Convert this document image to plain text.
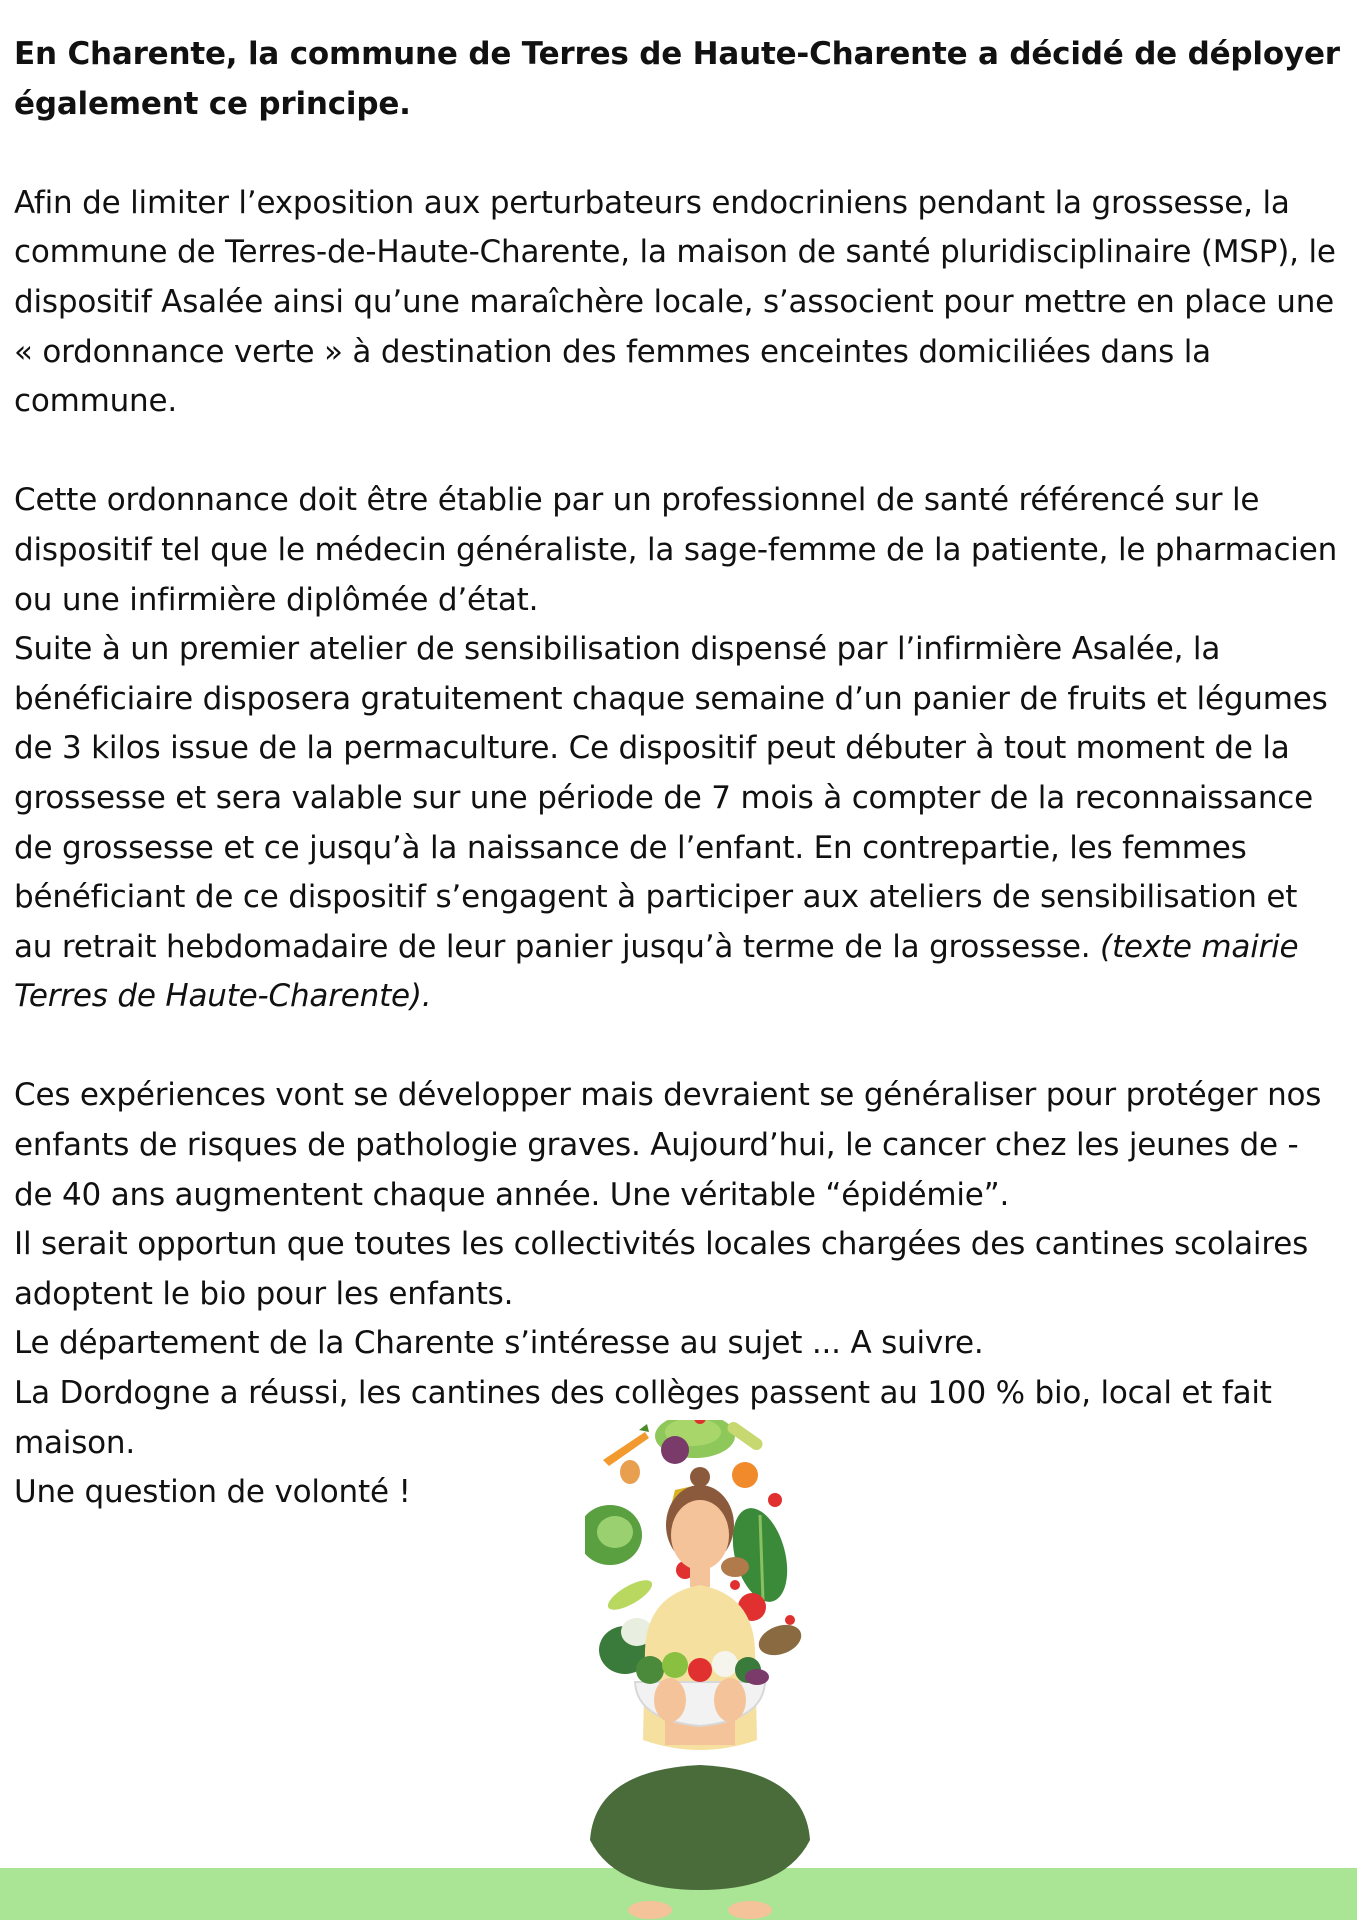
En Charente, la commune de Terres de Haute-Charente a décidé de déployer également ce principe.

Afin de limiter l’exposition aux perturbateurs endocriniens pendant la grossesse, la commune de Terres-de-Haute-Charente, la maison de santé pluridisciplinaire (MSP), le dispositif Asalée ainsi qu’une maraîchère locale, s’associent pour mettre en place une « ordonnance verte » à destination des femmes enceintes domiciliées dans la commune.

Cette ordonnance doit être établie par un professionnel de santé référencé sur le dispositif tel que le médecin généraliste, la sage-femme de la patiente, le pharmacien ou une infirmière diplômée d’état.

Suite à un premier atelier de sensibilisation dispensé par l’infirmière Asalée, la bénéficiaire disposera gratuitement chaque semaine d’un panier de fruits et légumes de 3 kilos issue de la permaculture. Ce dispositif peut débuter à tout moment de la grossesse et sera valable sur une période de 7 mois à compter de la reconnaissance de grossesse et ce jusqu’à la naissance de l’enfant. En contrepartie, les femmes bénéficiant de ce dispositif s’engagent à participer aux ateliers de sensibilisation et au retrait hebdomadaire de leur panier jusqu’à terme de la grossesse. (texte mairie Terres de Haute-Charente).

Ces expériences vont se développer mais devraient se généraliser pour protéger nos enfants de risques de pathologie graves. Aujourd’hui, le cancer chez les jeunes de - de 40 ans augmentent chaque année. Une véritable “épidémie”.

Il serait opportun que toutes les collectivités locales chargées des cantines scolaires adoptent le bio pour les enfants.

Le département de la Charente s’intéresse au sujet ... A suivre.

La Dordogne a réussi, les cantines des collèges passent au 100 % bio, local et fait maison.

Une question de volonté !
